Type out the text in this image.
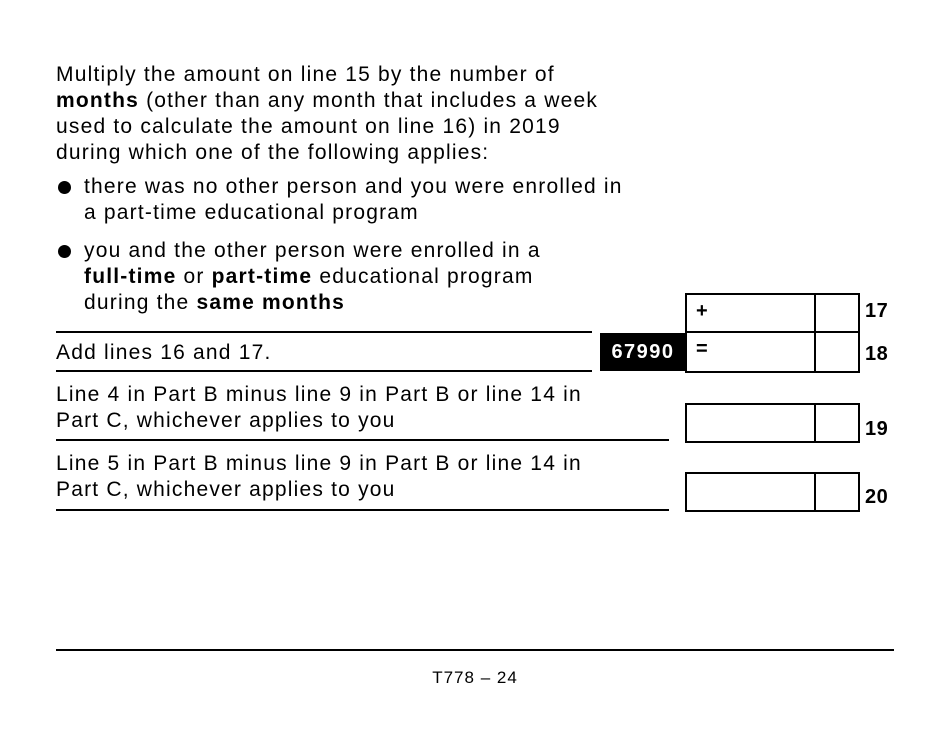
Multiply the amount on line 15 by the number of
months (other than any month that includes a week
used to calculate the amount on line 16) in 2019
during which one of the following applies:
there was no other person and you were enrolled in
a part-time educational program
you and the other person were enrolled in a
full-time or part-time educational program
during the same months	+	17
Add lines 16 and 17.	67990	=	18
Line 4 in Part B minus line 9 in Part B or line 14 in
Part C, whichever applies to you	19
Line 5 in Part B minus line 9 in Part B or line 14 in
Part C, whichever applies to you	20
T778 – 24
